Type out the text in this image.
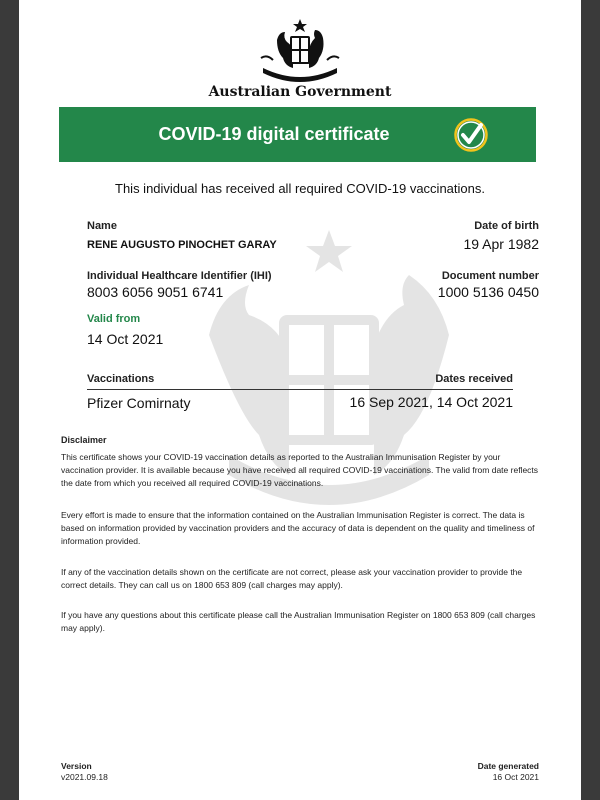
Australian Government
COVID-19 digital certificate
This individual has received all required COVID-19 vaccinations.
Name	Date of birth
RENE AUGUSTO PINOCHET GARAY	19 Apr 1982
Individual Healthcare Identifier (IHI)	Document number
8003 6056 9051 6741	1000 5136 0450
Valid from
14 Oct 2021
Vaccinations	Dates received
Pfizer Comirnaty	16 Sep 2021, 14 Oct 2021
Disclaimer
This certificate shows your COVID-19 vaccination details as reported to the Australian Immunisation Register by your vaccination provider. It is available because you have received all required COVID-19 vaccinations. The valid from date reflects the date from which you received all required COVID-19 vaccinations.
Every effort is made to ensure that the information contained on the Australian Immunisation Register is correct. The data is based on information provided by vaccination providers and the accuracy of data is dependent on the quality and timeliness of information provided.
If any of the vaccination details shown on the certificate are not correct, please ask your vaccination provider to provide the correct details. They can call us on 1800 653 809 (call charges may apply).
If you have any questions about this certificate please call the Australian Immunisation Register on 1800 653 809 (call charges may apply).
Version
v2021.09.18
Date generated
16 Oct 2021
